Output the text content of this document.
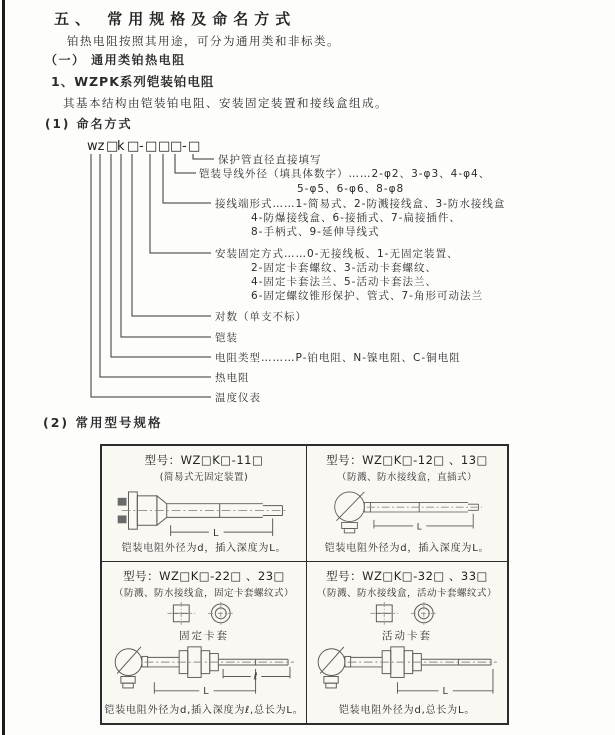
五、 常用规格及命名方式
铂热电阻按照其用途，可分为通用类和非标类。
（一） 通用类铂热电阻
1、WZPK系列铠装铂电阻
其基本结构由铠装铂电阻、安装固定装置和接线盒组成。
(1) 命名方式
(2) 常用型号规格
wz □
k □ - □ □ □ - □
保护管直径直接填写
铠装导线外径（填具体数字）……2-φ2、3-φ3、4-φ4、
5-φ5、6-φ6、8-φ8
接线端形式……1-简易式、2-防溅接线盒、3-防水接线盒
4-防爆接线盒、6-接插式、7-扁接插件、
8-手柄式、9-延伸导线式
安装固定方式……0-无接线板、1-无固定装置、
2-固定卡套螺纹、3-活动卡套螺纹、
4-固定卡套法兰、5-活动卡套法兰、
6-固定螺纹锥形保护、管式、7-角形可动法兰
对数（单支不标）
铠装
电阻类型………P-铂电阻、N-镍电阻、C-铜电阻
热电阻
温度仪表
型号：WZ□K□-11□
(简易式无固定装置)
L
铠装电阻外径为d，插入深度为L。
型号：WZ□K□-12□ 、13□
（防溅、防水接线盒，直插式）
L
铠装电阻外径为d，插入深度为L。
型号：WZ□K□-22□ 、23□
（防溅、防水接线盒，固定卡套螺纹式）
固定卡套
ℓ
L
铠装电阻外径为d,插入深度为ℓ,总长为L。
型号：WZ□K□-32□ 、33□
（防溅、防水接线盒，活动卡套螺纹式）
活动卡套
L
铠装电阻外径为d,总长为L。
